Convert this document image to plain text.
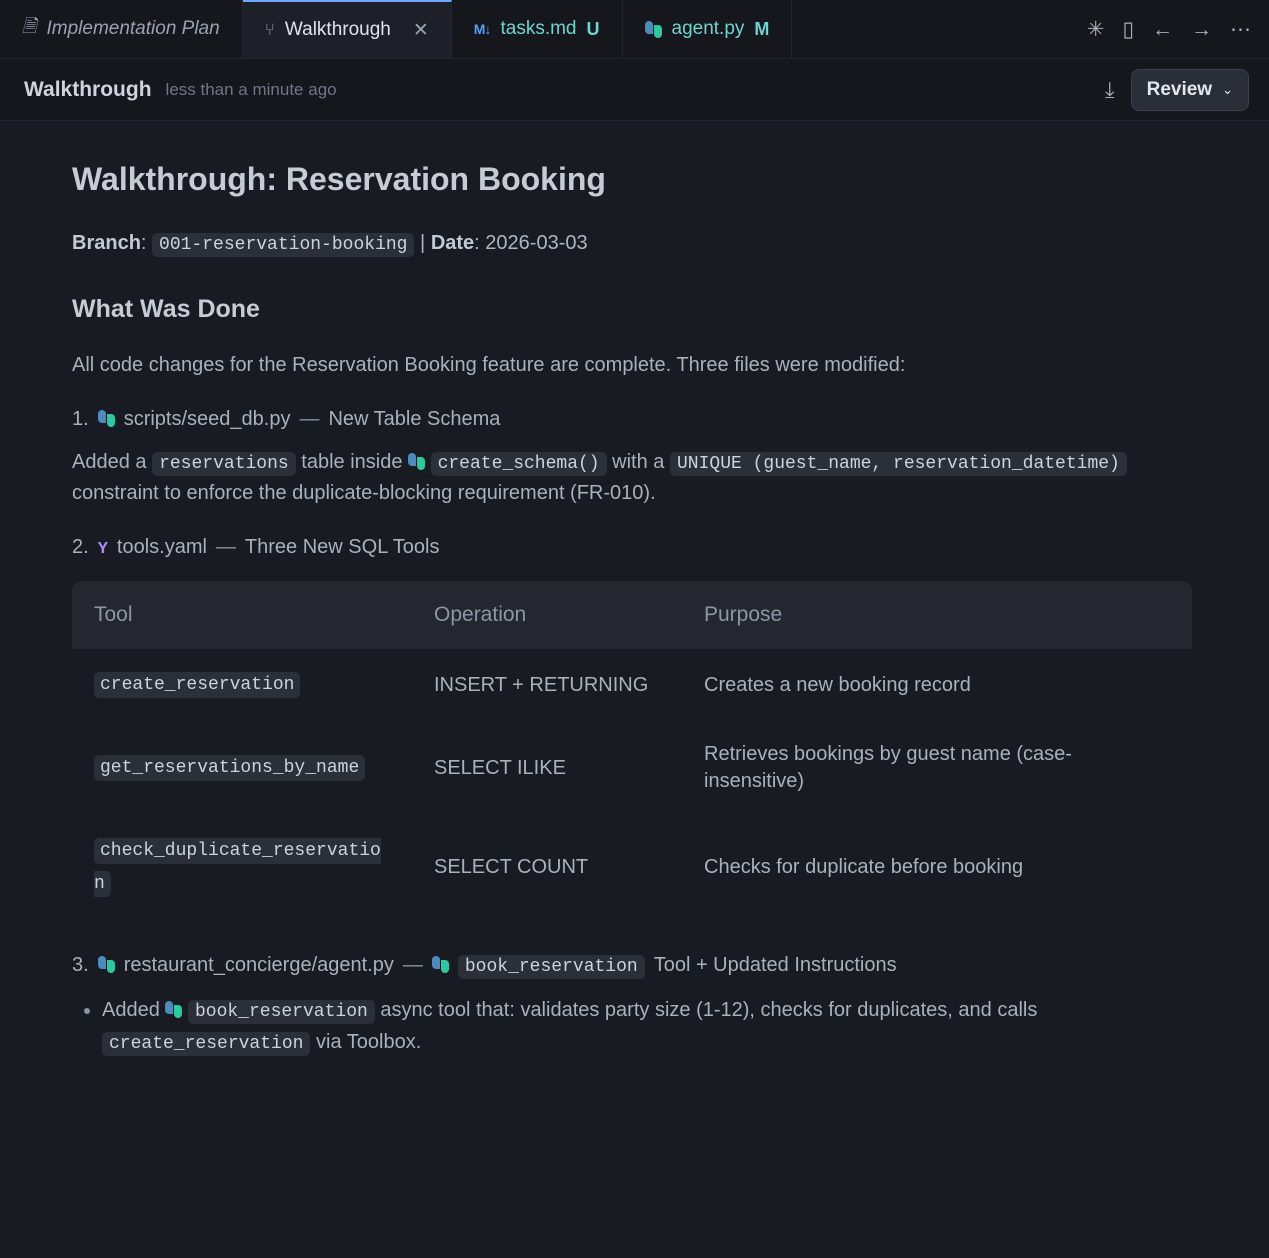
🗎 Implementation Plan	⑂ Walkthrough ✕	M↓ tasks.md U	agent.py M	✳ ▯ ← → ⋯
Walkthrough less than a minute ago	⤓ Review ⌄
Walkthrough: Reservation Booking
Branch: 001-reservation-booking | Date: 2026-03-03
What Was Done

All code changes for the Reservation Booking feature are complete. Three files were modified:

1. scripts/seed_db.py — New Table Schema

Added a reservations table inside create_schema() with a UNIQUE (guest_name, reservation_datetime) constraint to enforce the duplicate-blocking requirement (FR-010).

2. Y tools.yaml — Three New SQL Tools
Tool	Operation	Purpose
create_reservation	INSERT + RETURNING	Creates a new booking record
get_reservations_by_name	SELECT ILIKE	Retrieves bookings by guest name (case-insensitive)
check_duplicate_reservation	SELECT COUNT	Checks for duplicate before booking
3. restaurant_concierge/agent.py —	book_reservation Tool + Updated Instructions
• Added book_reservation async tool that: validates party size (1-12), checks for duplicates, and calls create_reservation via Toolbox.
